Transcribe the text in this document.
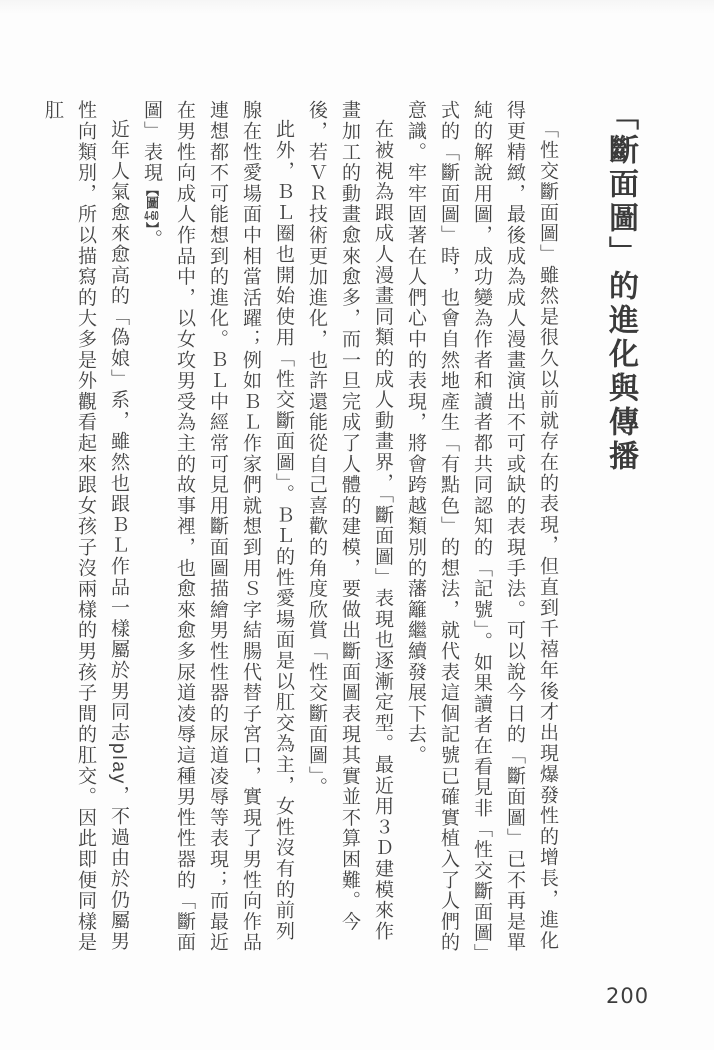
「斷面圖」的進化與傳播

「性交斷面圖」雖然是很久以前就存在的表現，但直到千禧年後才出現爆發性的增長，進化得更精緻，最後成為成人漫畫演出不可或缺的表現手法。可以說今日的「斷面圖」已不再是單純的解說用圖，成功變為作者和讀者都共同認知的「記號」。如果讀者在看見非「性交斷面圖」式的「斷面圖」時，也會自然地產生「有點色」的想法，就代表這個記號已確實植入了人們的意識。牢牢固著在人們心中的表現，將會跨越類別的藩籬繼續發展下去。

在被視為跟成人漫畫同類的成人動畫界，「斷面圖」表現也逐漸定型。最近用３Ｄ建模來作畫加工的動畫愈來愈多，而一旦完成了人體的建模，要做出斷面圖表現其實並不算困難。今後，若ＶＲ技術更加進化，也許還能從自己喜歡的角度欣賞「性交斷面圖」。

此外，ＢＬ圈也開始使用「性交斷面圖」。ＢＬ的性愛場面是以肛交為主，女性沒有的前列腺在性愛場面中相當活躍；例如ＢＬ作家們就想到用Ｓ字結腸代替子宮口，實現了男性向作品連想都不可能想到的進化。ＢＬ中經常可見用斷面圖描繪男性性器的尿道凌辱等表現；而最近在男性向成人作品中，以女攻男受為主的故事裡，也愈來愈多尿道凌辱這種男性性器的「斷面圖」表現【圖4-60】。

近年人氣愈來愈高的「偽娘」系，雖然也跟ＢＬ作品一樣屬於男同志play，不過由於仍屬男性向類別，所以描寫的大多是外觀看起來跟女孩子沒兩樣的男孩子間的肛交。因此即便同樣是肛

200
